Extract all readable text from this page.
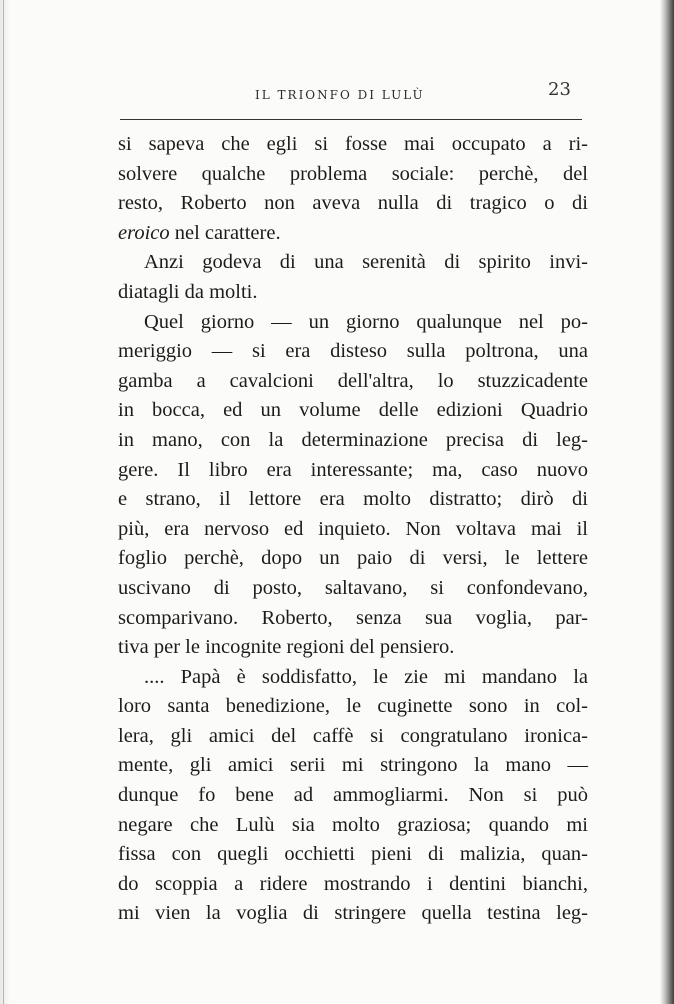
IL TRIONFO DI LULÙ	23
si sapeva che egli si fosse mai occupato a ri-
solvere qualche problema sociale: perchè, del
resto, Roberto non aveva nulla di tragico o di
eroico nel carattere.
Anzi godeva di una serenità di spirito invi-
diatagli da molti.
Quel giorno — un giorno qualunque nel po-
meriggio — si era disteso sulla poltrona, una
gamba a cavalcioni dell'altra, lo stuzzicadente
in bocca, ed un volume delle edizioni Quadrio
in mano, con la determinazione precisa di leg-
gere. Il libro era interessante; ma, caso nuovo
e strano, il lettore era molto distratto; dirò di
più, era nervoso ed inquieto. Non voltava mai il
foglio perchè, dopo un paio di versi, le lettere
uscivano di posto, saltavano, si confondevano,
scomparivano. Roberto, senza sua voglia, par-
tiva per le incognite regioni del pensiero.
.... Papà è soddisfatto, le zie mi mandano la
loro santa benedizione, le cuginette sono in col-
lera, gli amici del caffè si congratulano ironica-
mente, gli amici serii mi stringono la mano —
dunque fo bene ad ammogliarmi. Non si può
negare che Lulù sia molto graziosa; quando mi
fissa con quegli occhietti pieni di malizia, quan-
do scoppia a ridere mostrando i dentini bianchi,
mi vien la voglia di stringere quella testina leg-
